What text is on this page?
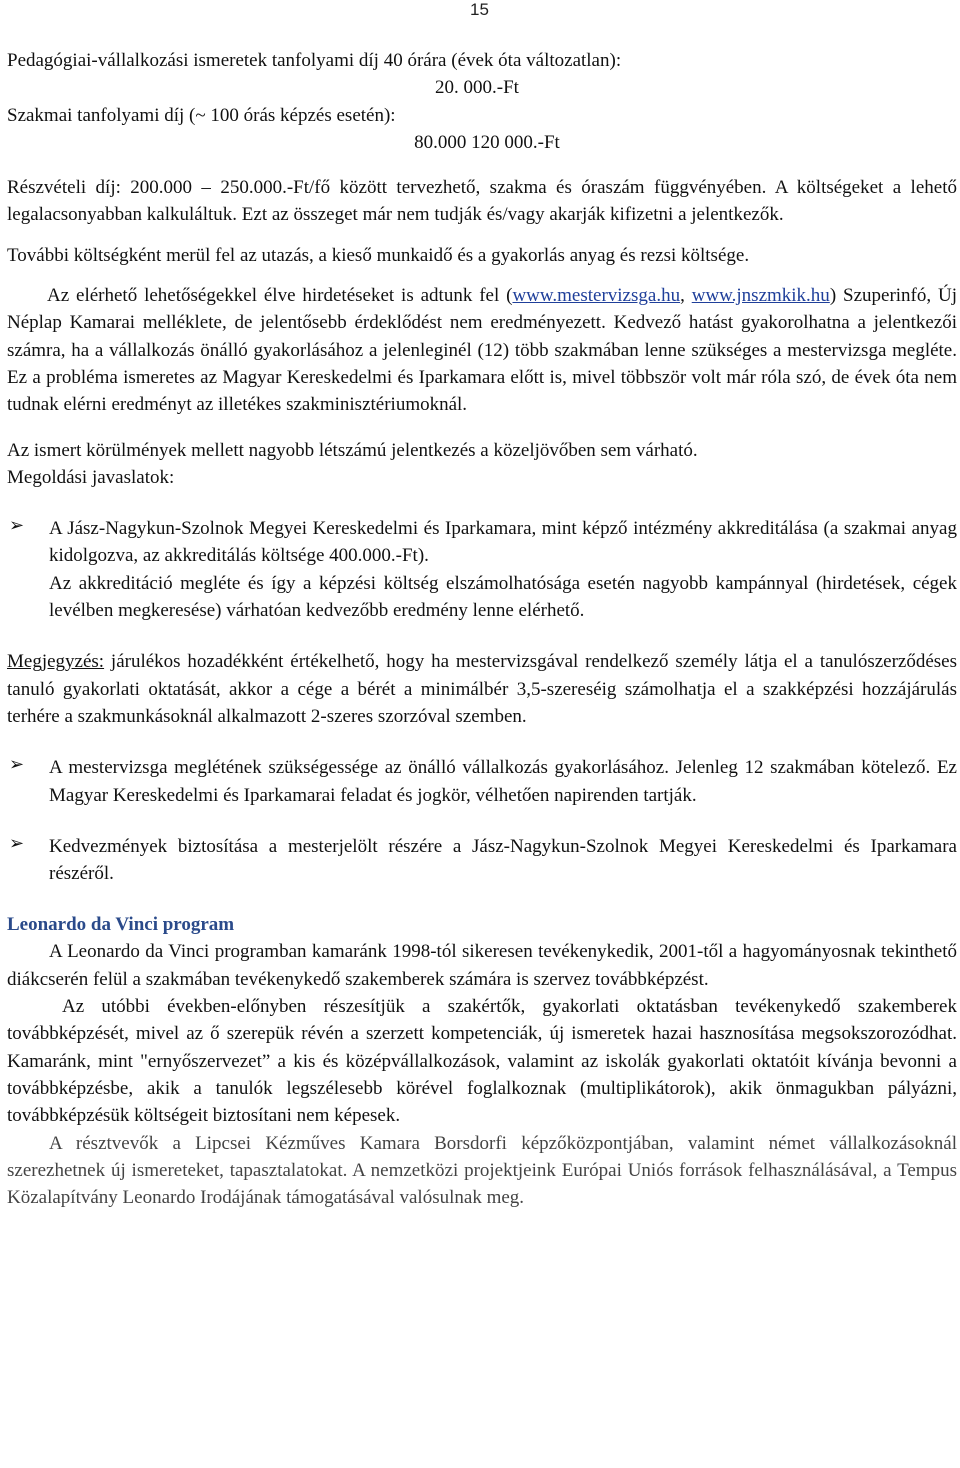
15

Pedagógiai-vállalkozási ismeretek tanfolyami díj 40 órára (évek óta változatlan):

20. 000.-Ft

Szakmai tanfolyami díj (~ 100 órás képzés esetén):

80.000 120 000.-Ft

Részvételi díj: 200.000 – 250.000.-Ft/fő között tervezhető, szakma és óraszám függvényében. A költségeket a lehető legalacsonyabban kalkuláltuk. Ezt az összeget már nem tudják és/vagy akarják kifizetni a jelentkezők.

További költségként merül fel az utazás, a kieső munkaidő és a gyakorlás anyag és rezsi költsége.

Az elérhető lehetőségekkel élve hirdetéseket is adtunk fel (www.mestervizsga.hu, www.jnszmkik.hu) Szuperinfó, Új Néplap Kamarai melléklete, de jelentősebb érdeklődést nem eredményezett. Kedvező hatást gyakorolhatna a jelentkezői számra, ha a vállalkozás önálló gyakorlásához a jelenleginél (12) több szakmában lenne szükséges a mestervizsga megléte. Ez a probléma ismeretes az Magyar Kereskedelmi és Iparkamara előtt is, mivel többször volt már róla szó, de évek óta nem tudnak elérni eredményt az illetékes szakminisztériumoknál.

Az ismert körülmények mellett nagyobb létszámú jelentkezés a közeljövőben sem várható.

Megoldási javaslatok:

➢ A Jász-Nagykun-Szolnok Megyei Kereskedelmi és Iparkamara, mint képző intézmény akkreditálása (a szakmai anyag kidolgozva, az akkreditálás költsége 400.000.-Ft).

Az akkreditáció megléte és így a képzési költség elszámolhatósága esetén nagyobb kampánnyal (hirdetések, cégek levélben megkeresése) várhatóan kedvezőbb eredmény lenne elérhető.

Megjegyzés: járulékos hozadékként értékelhető, hogy ha mestervizsgával rendelkező személy látja el a tanulószerződéses tanuló gyakorlati oktatását, akkor a cége a bérét a minimálbér 3,5-szereséig számolhatja el a szakképzési hozzájárulás terhére a szakmunkásoknál alkalmazott 2-szeres szorzóval szemben.

➢ A mestervizsga meglétének szükségessége az önálló vállalkozás gyakorlásához. Jelenleg 12 szakmában kötelező. Ez Magyar Kereskedelmi és Iparkamarai feladat és jogkör, vélhetően napirenden tartják.

➢ Kedvezmények biztosítása a mesterjelölt részére a Jász-Nagykun-Szolnok Megyei Kereskedelmi és Iparkamara részéről.

Leonardo da Vinci program

A Leonardo da Vinci programban kamaránk 1998-tól sikeresen tevékenykedik, 2001-től a hagyományosnak tekinthető diákcserén felül a szakmában tevékenykedő szakemberek számára is szervez továbbképzést.

Az utóbbi években-előnyben részesítjük a szakértők, gyakorlati oktatásban tevékenykedő szakemberek továbbképzését, mivel az ő szerepük révén a szerzett kompetenciák, új ismeretek hazai hasznosítása megsokszorozódhat. Kamaránk, mint "ernyőszervezet” a kis és középvállalkozások, valamint az iskolák gyakorlati oktatóit kívánja bevonni a továbbképzésbe, akik a tanulók legszélesebb körével foglalkoznak (multiplikátorok), akik önmagukban pályázni, továbbképzésük költségeit biztosítani nem képesek.

A résztvevők a Lipcsei Kézműves Kamara Borsdorfi képzőközpontjában, valamint német vállalkozásoknál szerezhetnek új ismereteket, tapasztalatokat. A nemzetközi projektjeink Európai Uniós források felhasználásával, a Tempus Közalapítvány Leonardo Irodájának támogatásával valósulnak meg.
